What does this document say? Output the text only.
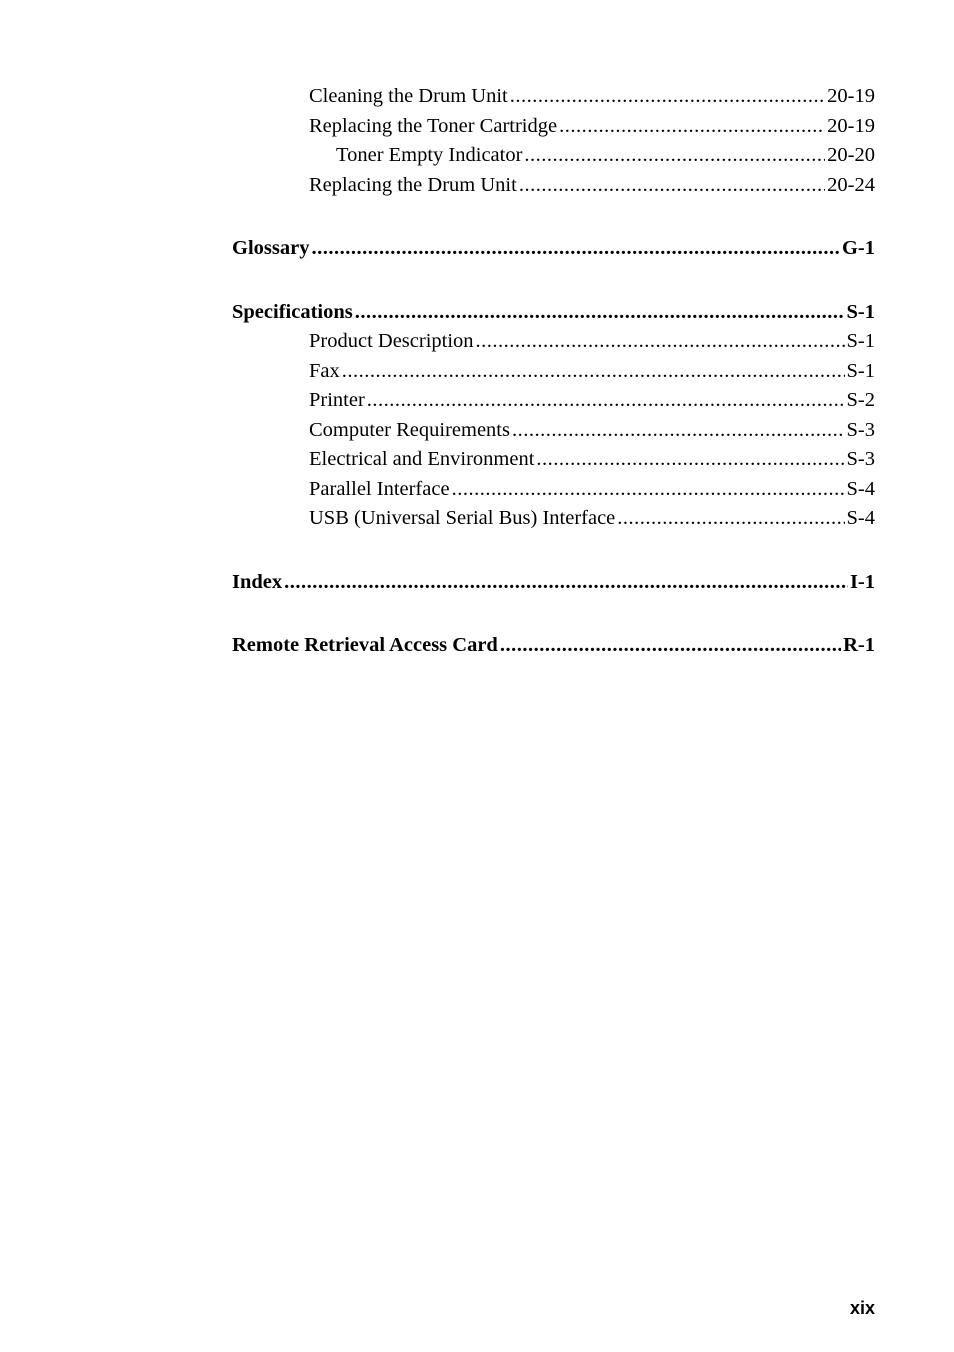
Cleaning the Drum Unit .....	20-19
Replacing the Toner Cartridge .....	20-19
Toner Empty Indicator .....	20-20
Replacing the Drum Unit .....	20-24
Glossary .....	G-1
Specifications .....	S-1
Product Description .....	S-1
Fax .....	S-1
Printer .....	S-2
Computer Requirements .....	S-3
Electrical and Environment .....	S-3
Parallel Interface .....	S-4
USB (Universal Serial Bus) Interface .....	S-4
Index .....	I-1
Remote Retrieval Access Card .....	R-1
xix
